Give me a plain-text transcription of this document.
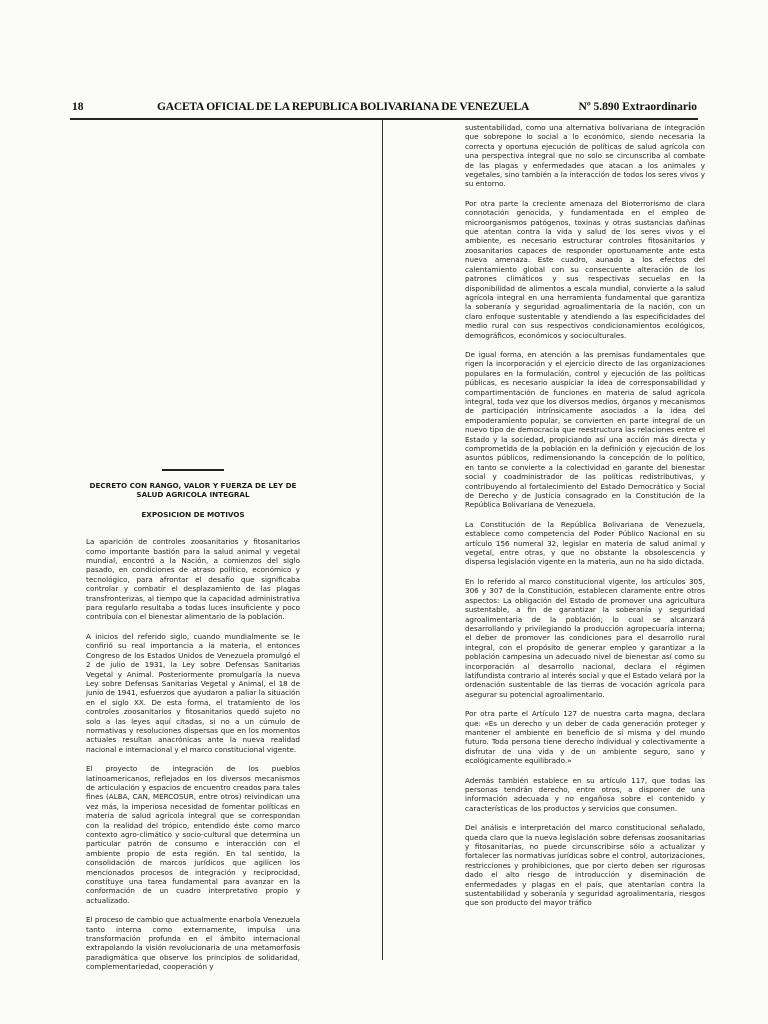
18	GACETA OFICIAL DE LA REPUBLICA BOLIVARIANA DE VENEZUELA	Nº 5.890 Extraordinario
DECRETO CON RANGO, VALOR Y FUERZA DE LEY DE SALUD AGRICOLA INTEGRAL
EXPOSICION DE MOTIVOS

La aparición de controles zoosanitarios y fitosanitarios como importante bastión para la salud animal y vegetal mundial, encontró a la Nación, a comienzos del siglo pasado, en condiciones de atraso político, económico y tecnológico, para afrontar el desafío que significaba controlar y combatir el desplazamiento de las plagas transfronterizas, al tiempo que la capacidad administrativa para regularlo resultaba a todas luces insuficiente y poco contribuía con el bienestar alimentario de la población.

A inicios del referido siglo, cuando mundialmente se le confirió su real importancia a la materia, el entonces Congreso de los Estados Unidos de Venezuela promulgó el 2 de julio de 1931, la Ley sobre Defensas Sanitarias Vegetal y Animal. Posteriormente promulgaría la nueva Ley sobre Defensas Sanitarias Vegetal y Animal, el 18 de junio de 1941, esfuerzos que ayudaron a paliar la situación en el siglo XX. De esta forma, el tratamiento de los controles zoosanitarios y fitosanitarios quedó sujeto no solo a las leyes aquí citadas, si no a un cúmulo de normativas y resoluciones dispersas que en los momentos actuales resultan anacrónicas ante la nueva realidad nacional e internacional y el marco constitucional vigente.

El proyecto de integración de los pueblos latinoamericanos, reflejados en los diversos mecanismos de articulación y espacios de encuentro creados para tales fines (ALBA, CAN, MERCOSUR, entre otros) reivindican una vez más, la imperiosa necesidad de fomentar políticas en materia de salud agrícola integral que se correspondan con la realidad del trópico, entendido éste como marco contexto agro-climático y socio-cultural que determina un particular patrón de consumo e interacción con el ambiente propio de esta región. En tal sentido, la consolidación de marcos jurídicos que agilicen los mencionados procesos de integración y reciprocidad, constituye una tarea fundamental para avanzar en la conformación de un cuadro interpretativo propio y actualizado.

El proceso de cambio que actualmente enarbola Venezuela tanto interna como externamente, impulsa una transformación profunda en el ámbito internacional extrapolando la visión revolucionaria de una metamorfosis paradigmática que observe los principios de solidaridad, complementariedad, cooperación y

sustentabilidad, como una alternativa bolivariana de integración que sobrepone lo social a lo económico, siendo necesaria la correcta y oportuna ejecución de políticas de salud agrícola con una perspectiva integral que no solo se circunscriba al combate de las plagas y enfermedades que atacan a los animales y vegetales, sino también a la interacción de todos los seres vivos y su entorno.

Por otra parte la creciente amenaza del Bioterrorismo de clara connotación genocida, y fundamentada en el empleo de microorganismos patógenos, toxinas y otras sustancias dañinas que atentan contra la vida y salud de los seres vivos y el ambiente, es necesario estructurar controles fitosanitarios y zoosanitarios capaces de responder oportunamente ante esta nueva amenaza. Este cuadro, aunado a los efectos del calentamiento global con su consecuente alteración de los patrones climáticos y sus respectivas secuelas en la disponibilidad de alimentos a escala mundial, convierte a la salud agrícola integral en una herramienta fundamental que garantiza la soberanía y seguridad agroalimentaria de la nación, con un claro enfoque sustentable y atendiendo a las especificidades del medio rural con sus respectivos condicionamientos ecológicos, demográficos, económicos y socioculturales.

De igual forma, en atención a las premisas fundamentales que rigen la incorporación y el ejercicio directo de las organizaciones populares en la formulación, control y ejecución de las políticas públicas, es necesario auspiciar la idea de corresponsabilidad y compartimentación de funciones en materia de salud agrícola integral, toda vez que los diversos medios, órganos y mecanismos de participación intrínsicamente asociados a la idea del empoderamiento popular, se convierten en parte integral de un nuevo tipo de democracia que reestructura las relaciones entre el Estado y la sociedad, propiciando así una acción más directa y comprometida de la población en la definición y ejecución de los asuntos públicos, redimensionando la concepción de lo político, en tanto se convierte a la colectividad en garante del bienestar social y coadministrador de las políticas redistributivas, y contribuyendo al fortalecimiento del Estado Democrático y Social de Derecho y de Justicia consagrado en la Constitución de la República Bolivariana de Venezuela.

La Constitución de la República Bolivariana de Venezuela, establece como competencia del Poder Público Nacional en su artículo 156 numeral 32, legislar en materia de salud animal y vegetal, entre otras, y que no obstante la obsolescencia y dispersa legislación vigente en la materia, aun no ha sido dictada.

En lo referido al marco constitucional vigente, los artículos 305, 306 y 307 de la Constitución, establecen claramente entre otros aspectos: La obligación del Estado de promover una agricultura sustentable, a fin de garantizar la soberanía y seguridad agroalimentaria de la población; lo cual se alcanzará desarrollando y privilegiando la producción agropecuaria interna; el deber de promover las condiciones para el desarrollo rural integral, con el propósito de generar empleo y garantizar a la población campesina un adecuado nivel de bienestar así como su incorporación al desarrollo nacional, declara el régimen latifundista contrario al interés social y que el Estado velará por la ordenación sustentable de las tierras de vocación agrícola para asegurar su potencial agroalimentario.

Por otra parte el Artículo 127 de nuestra carta magna, declara que: «Es un derecho y un deber de cada generación proteger y mantener el ambiente en beneficio de sí misma y del mundo futuro. Toda persona tiene derecho individual y colectivamente a disfrutar de una vida y de un ambiente seguro, sano y ecológicamente equilibrado.»

Además también establece en su artículo 117, que todas las personas tendrán derecho, entre otros, a disponer de una información adecuada y no engañosa sobre el contenido y características de los productos y servicios que consumen.

Del análisis e interpretación del marco constitucional señalado, queda claro que la nueva legislación sobre defensas zoosanitarias y fitosanitarias, no puede circunscribirse sólo a actualizar y fortalecer las normativas jurídicas sobre el control, autorizaciones, restricciones y prohibiciones, que por cierto deben ser rigurosas dado el alto riesgo de introducción y diseminación de enfermedades y plagas en el país, que atentarían contra la sustentabilidad y soberanía y seguridad agroalimentaria, riesgos que son producto del mayor tráfico
